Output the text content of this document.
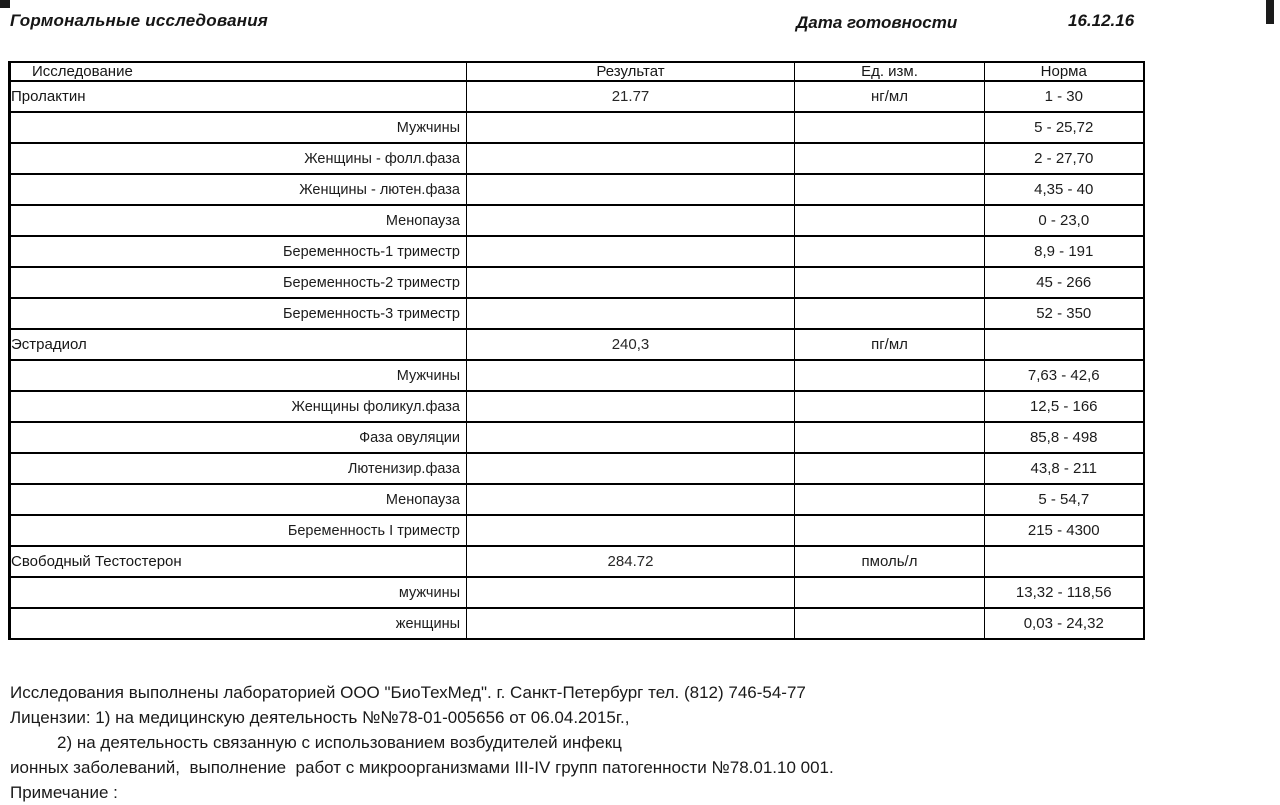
Гормональные исследования	Дата готовности	16.12.16
Исследование	Результат	Ед. изм.	Норма
Пролактин	21.77	нг/мл	1 - 30
Мужчины			5 - 25,72
Женщины - фолл.фаза			2 - 27,70
Женщины - лютен.фаза			4,35 - 40
Менопауза			0 - 23,0
Беременность-1 триместр			8,9 - 191
Беременность-2 триместр			45 - 266
Беременность-3 триместр			52 - 350
Эстрадиол	240,3	пг/мл	
Мужчины			7,63 - 42,6
Женщины фоликул.фаза			12,5 - 166
Фаза овуляции			85,8 - 498
Лютенизир.фаза			43,8 - 211
Менопауза			5 - 54,7
Беременность I триместр			215 - 4300
Свободный Тестостерон	284.72	пмоль/л	
мужчины			13,32 - 118,56
женщины			0,03 - 24,32
Исследования выполнены лабораторией ООО "БиоТехМед". г. Санкт-Петербург тел. (812) 746-54-77
Лицензии: 1) на медицинскую деятельность №№78-01-005656 от 06.04.2015г.,
2) на деятельность связанную с использованием возбудителей инфекц
ионных заболеваний,  выполнение  работ с микроорганизмами III-IV групп патогенности №78.01.10 001.
Примечание :
